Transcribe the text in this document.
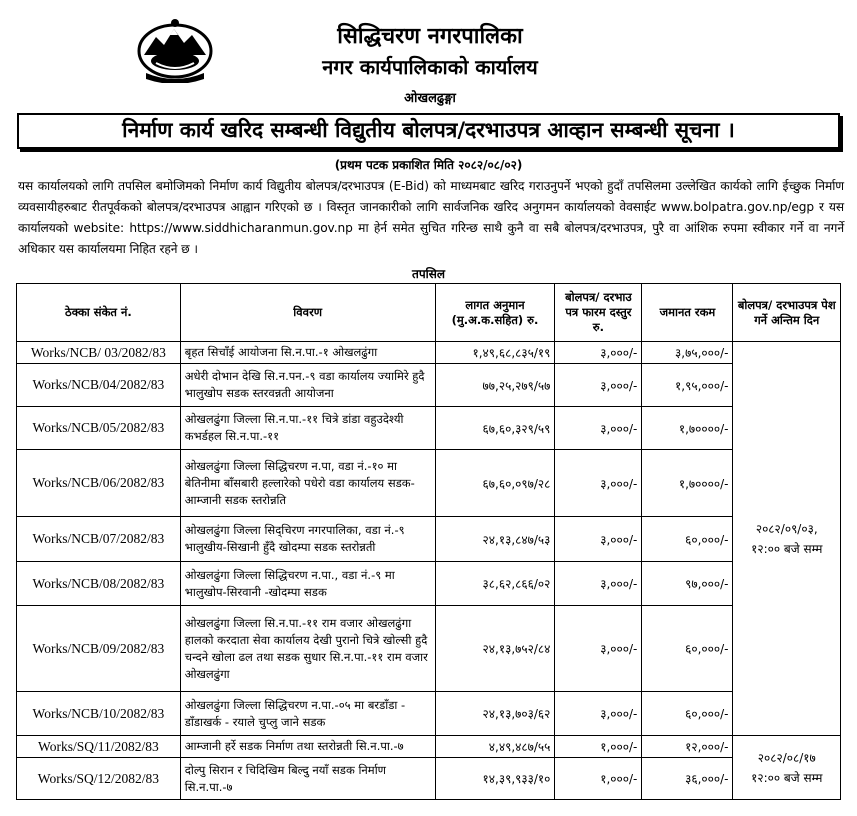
सिद्धिचरण नगरपालिका
नगर कार्यपालिकाको कार्यालय
ओखलढुङ्गा
निर्माण कार्य खरिद सम्बन्धी विद्युतीय बोलपत्र/दरभाउपत्र आव्हान सम्बन्धी सूचना ।
(प्रथम पटक प्रकाशित मिति २०८२/०८/०२)
यस कार्यालयको लागि तपसिल बमोजिमको निर्माण कार्य विद्युतीय बोलपत्र/दरभाउपत्र (E-Bid) को माध्यमबाट खरिद गराउनुपर्ने भएको हुदाँ तपसिलमा उल्लेखित कार्यको लागि ईच्छुक निर्माण व्यवसायीहरुबाट रीतपूर्वकको बोलपत्र/दरभाउपत्र आह्वान गरिएको छ । विस्तृत जानकारीको लागि सार्वजनिक खरिद अनुगमन कार्यालयको वेवसाईट www.bolpatra.gov.np/egp र यस कार्यालयको website: https://www.siddhicharanmun.gov.np मा हेर्न समेत सुचित गरिन्छ साथै कुनै वा सबै बोलपत्र/दरभाउपत्र, पुरै वा आंशिक रुपमा स्वीकार गर्ने वा नगर्ने अधिकार यस कार्यालयमा निहित रहने छ ।
तपसिल
ठेक्का संकेत नं.	विवरण	लागत अनुमान (मु.अ.क.सहित) रु.	बोलपत्र/ दरभाउ पत्र फारम दस्तुर रु.	जमानत रकम	बोलपत्र/ दरभाउपत्र पेश गर्ने अन्तिम दिन
Works/NCB/ 03/2082/83	बृहत सिचाँई आयोजना सि.न.पा.-१ ओखलढुंगा	१,४९,६८,८३५/१९	३,०००/-	३,७५,०००/-	२०८२/०९/०३,
१२:०० बजे सम्म

Works/NCB/04/2082/83	अधेरी दोभान देखि सि.न.पन.-९ वडा कार्यालय ज्यामिरे हुदै भालुखोप सडक स्तरवन्नती आयोजना	७७,२५,२७९/५७	३,०००/-	१,९५,०००/-	
Works/NCB/05/2082/83	ओखलढुंगा जिल्ला सि.न.पा.-११ चित्रे डांडा वहुउदेश्यी कभर्डहल सि.न.पा.-११	६७,६०,३२९/५९	३,०००/-	१,७००००/-	
Works/NCB/06/2082/83	ओखलढुंगा जिल्ला सिद्धिचरण न.पा, वडा नं.-१० मा बेतिनीमा बाँसबारी हल्लारेको पधेरो वडा कार्यालय सडक-आम्जानी सडक स्तरोन्नति	६७,६०,०९७/२८	३,०००/-	१,७००००/-	
Works/NCB/07/2082/83	ओखलढुंगा जिल्ला सिद्चिरण नगरपालिका, वडा नं.-९ भालुखीय-सिखानी हुँदै खोदम्पा सडक स्तरोन्नती	२४,१३,८४७/५३	३,०००/-	६०,०००/-	
Works/NCB/08/2082/83	ओखलढुंगा जिल्ला सिद्धिचरण न.पा., वडा नं.-९ मा भालुखोप-सिरवानी -खोदम्पा सडक	३८,६२,८६६/०२	३,०००/-	९७,०००/-	
Works/NCB/09/2082/83	ओखलढुंगा जिल्ला सि.न.पा.-११ राम वजार ओखलढुंगा हालको करदाता सेवा कार्यालय देखी पुरानो चित्रे खोल्सी हुदै चन्दने खोला ढल तथा सडक सुधार सि.न.पा.-११ राम वजार ओखलढुंगा	२४,१३,७५२/८४	३,०००/-	६०,०००/-	
Works/NCB/10/2082/83	ओखलढुंगा जिल्ला सिद्धिचरण न.पा.-०५ मा बरडाँडा - डाँडाखर्क - रयाले चुप्लु जाने सडक	२४,१३,७०३/६२	३,०००/-	६०,०००/-	
Works/SQ/11/2082/83	आम्जानी हर्रे सडक निर्माण तथा स्तरोन्नती सि.न.पा.-७	४,४९,४८७/५५	१,०००/-	१२,०००/-	२०८२/०८/१७
१२:०० बजे सम्म

Works/SQ/12/2082/83	दोल्पु सिरान र चिदिखिम बिल्दु नयाँ सडक निर्माण सि.न.पा.-७	१४,३९,९३३/१०	१,०००/-	३६,०००/-	
